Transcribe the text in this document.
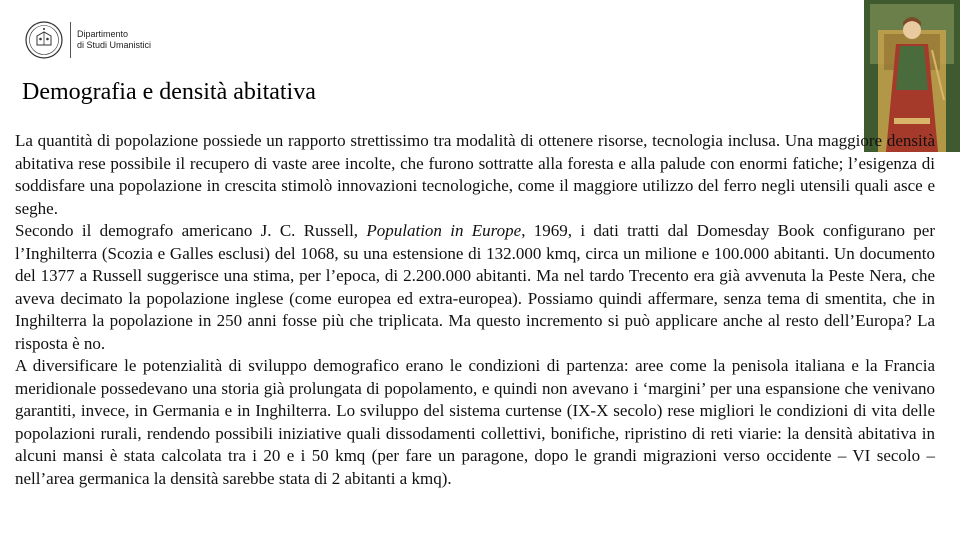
Dipartimento
di Studi Umanistici
Demografia e densità abitativa

La quantità di popolazione possiede un rapporto strettissimo tra modalità di ottenere risorse, tecnologia inclusa. Una maggiore densità abitativa rese possibile il recupero di vaste aree incolte, che furono sottratte alla foresta e alla palude con enormi fatiche; l’esigenza di soddisfare una popolazione in crescita stimolò innovazioni tecnologiche, come il maggiore utilizzo del ferro negli utensili quali asce e seghe.

Secondo il demografo americano J. C. Russell, Population in Europe, 1969, i dati tratti dal Domesday Book configurano per l’Inghilterra (Scozia e Galles esclusi) del 1068, su una estensione di 132.000 kmq, circa un milione e 100.000 abitanti. Un documento del 1377 a Russell suggerisce una stima, per l’epoca, di 2.200.000 abitanti. Ma nel tardo Trecento era già avvenuta la Peste Nera, che aveva decimato la popolazione inglese (come europea ed extra-europea). Possiamo quindi affermare, senza tema di smentita, che in Inghilterra la popolazione in 250 anni fosse più che triplicata. Ma questo incremento si può applicare anche al resto dell’Europa? La risposta è no.

A diversificare le potenzialità di sviluppo demografico erano le condizioni di partenza: aree come la penisola italiana e la Francia meridionale possedevano una storia già prolungata di popolamento, e quindi non avevano i ‘margini’ per una espansione che venivano garantiti, invece, in Germania e in Inghilterra. Lo sviluppo del sistema curtense (IX-X secolo) rese migliori le condizioni di vita delle popolazioni rurali, rendendo possibili iniziative quali dissodamenti collettivi, bonifiche, ripristino di reti viarie: la densità abitativa in alcuni mansi è stata calcolata tra i 20 e i 50 kmq (per fare un paragone, dopo le grandi migrazioni verso occidente – VI secolo – nell’area germanica la densità sarebbe stata di 2 abitanti a kmq).
